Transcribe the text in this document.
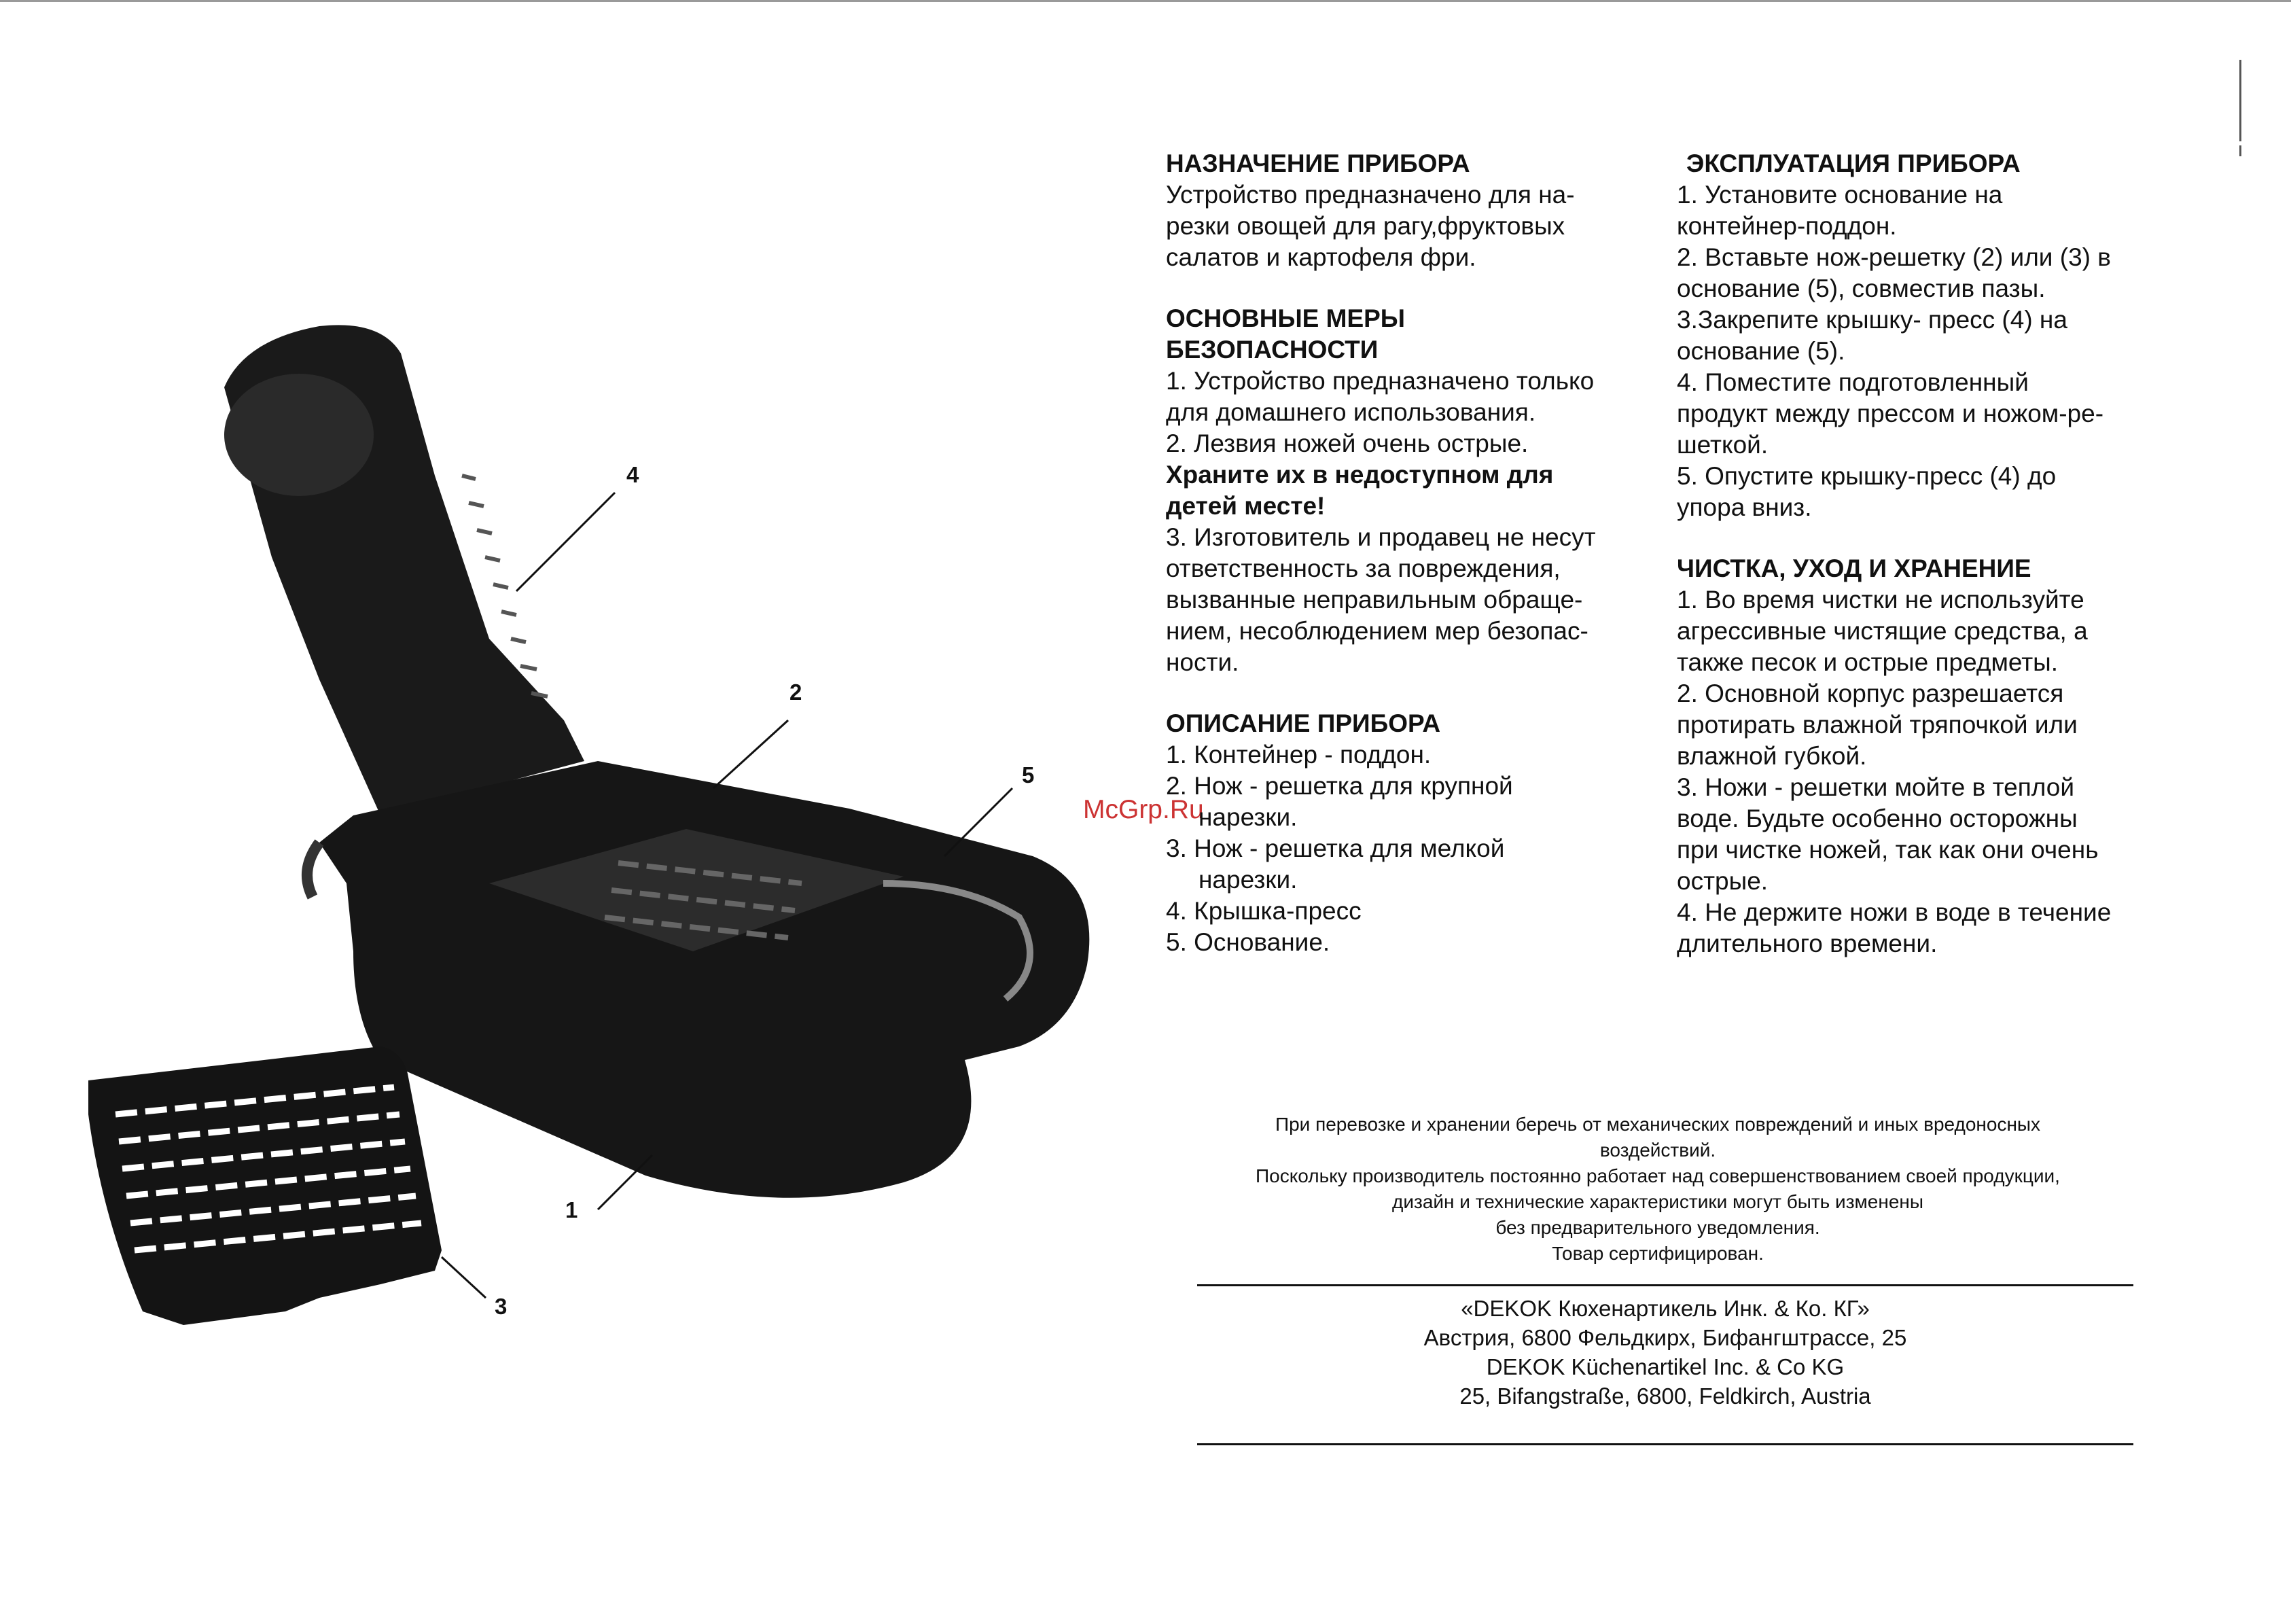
4
2
5
1
3
McGrp.Ru

НАЗНАЧЕНИЕ ПРИБОРА

Устройство предназначено для на-

резки овощей для рагу,фруктовых

салатов и картофеля фри.

ОСНОВНЫЕ МЕРЫ

БЕЗОПАСНОСТИ

1. Устройство предназначено только

для домашнего использования.

2. Лезвия ножей очень острые.

Храните их в недоступном для

детей месте!

3. Изготовитель и продавец не несут

ответственность за повреждения,

вызванные неправильным обраще-

нием, несоблюдением мер безопас-

ности.

ОПИСАНИЕ ПРИБОРА

1. Контейнер - поддон.
2. Нож - решетка для крупной
нарезки.
3. Нож - решетка для мелкой
нарезки.
4. Крышка-пресс
5. Основание.

ЭКСПЛУАТАЦИЯ ПРИБОРА

1. Установите основание на

контейнер-поддон.

2. Вставьте нож-решетку (2) или (3) в

основание (5), совместив пазы.

3.Закрепите крышку- пресс (4) на

основание (5).

4. Поместите подготовленный

продукт между прессом и ножом-ре-

шеткой.

5. Опустите крышку-пресс (4) до

упора вниз.

ЧИСТКА, УХОД И ХРАНЕНИЕ

1. Во время чистки не используйте

агрессивные чистящие средства, а

также песок и острые предметы.

2. Основной корпус разрешается

протирать влажной тряпочкой или

влажной губкой.

3. Ножи - решетки мойте в теплой

воде. Будьте особенно осторожны

при чистке ножей, так как они очень

острые.

4. Не держите ножи в воде в течение

длительного времени.

При перевозке и хранении беречь от механических повреждений и иных вредоносных

воздействий.

Поскольку производитель постоянно работает над совершенствованием своей продукции,

дизайн и технические характеристики могут быть изменены

без предварительного уведомления.

Товар сертифицирован.

«DEKOK Кюхенартикель Инк. & Ко. КГ»

Австрия, 6800 Фельдкирх, Бифангштрассе, 25

DEKOK Küchenartikel Inc. & Co KG

25, Bifangstraße, 6800, Feldkirch, Austria
